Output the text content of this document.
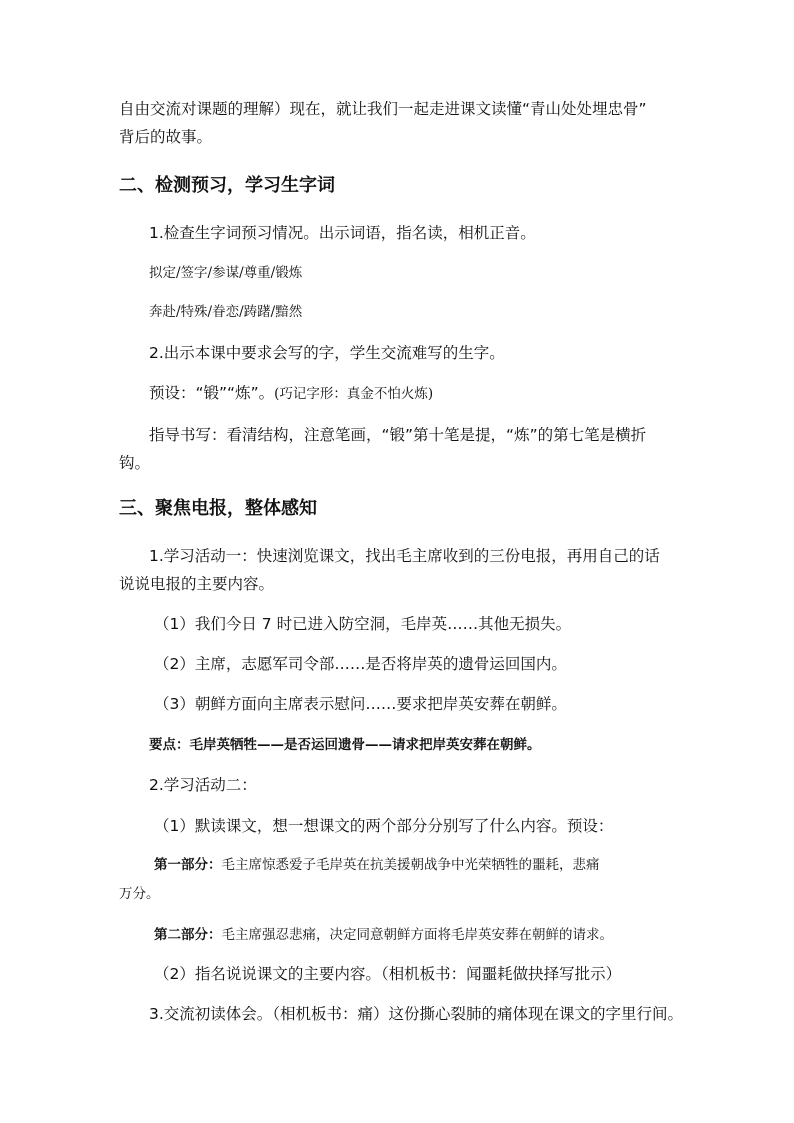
自由交流对课题的理解）现在，就让我们一起走进课文读懂“青山处处埋忠骨”
背后的故事。
二、检测预习，学习生字词
1.检查生字词预习情况。出示词语，指名读，相机正音。
拟定/签字/参谋/尊重/锻炼
奔赴/特殊/眷恋/踌躇/黯然
2.出示本课中要求会写的字，学生交流难写的生字。
预设：“锻”“炼”。(巧记字形：真金不怕火炼)
指导书写：看清结构，注意笔画，“锻”第十笔是提，“炼”的第七笔是横折
钩。
三、聚焦电报，整体感知
1.学习活动一：快速浏览课文，找出毛主席收到的三份电报，再用自己的话
说说电报的主要内容。
（1）我们今日 7 时已进入防空洞，毛岸英……其他无损失。
（2）主席，志愿军司令部……是否将岸英的遗骨运回国内。
（3）朝鲜方面向主席表示慰问……要求把岸英安葬在朝鲜。
要点：毛岸英牺牲——是否运回遗骨——请求把岸英安葬在朝鲜。
2.学习活动二：
（1）默读课文，想一想课文的两个部分分别写了什么内容。预设：
第一部分：毛主席惊悉爱子毛岸英在抗美援朝战争中光荣牺牲的噩耗，悲痛
万分。
第二部分：毛主席强忍悲痛，决定同意朝鲜方面将毛岸英安葬在朝鲜的请求。
（2）指名说说课文的主要内容。（相机板书：闻噩耗做抉择写批示）
3.交流初读体会。（相机板书：痛）这份撕心裂肺的痛体现在课文的字里行间。
